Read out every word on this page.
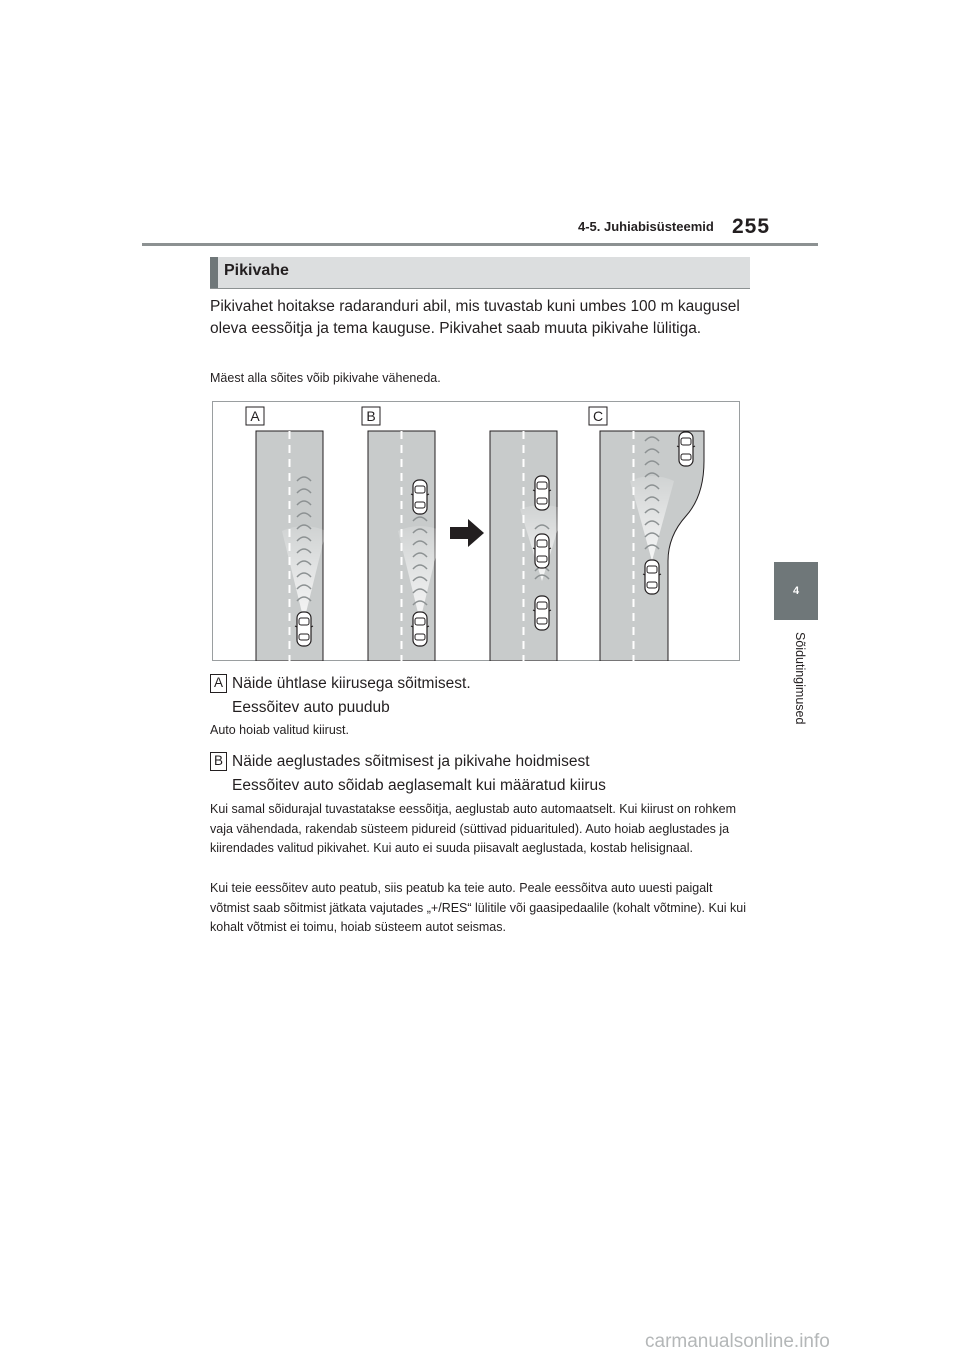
4-5. Juhiabisüsteemid 255
4
Sõidutingimused
Pikivahe
Pikivahet hoitakse radaranduri abil, mis tuvastab kuni umbes 100 m kaugusel oleva eessõitja ja tema kauguse. Pikivahet saab muuta pikivahe lülitiga.
Mäest alla sõites võib pikivahe väheneda.
A	B	C
A Näide ühtlase kiirusega sõitmisest.
Eessõitev auto puudub
Auto hoiab valitud kiirust.
B Näide aeglustades sõitmisest ja pikivahe hoidmisest
Eessõitev auto sõidab aeglasemalt kui määratud kiirus
Kui samal sõidurajal tuvastatakse eessõitja, aeglustab auto automaatselt. Kui kiirust on rohkem vaja vähendada, rakendab süsteem pidureid (süttivad piduarituled). Auto hoiab aeglustades ja kiirendades valitud pikivahet. Kui auto ei suuda piisavalt aeglustada, kostab helisignaal.
Kui teie eessõitev auto peatub, siis peatub ka teie auto. Peale eessõitva auto uuesti paigalt võtmist saab sõitmist jätkata vajutades „+/RES“ lülitile või gaasipedaalile (kohalt võtmine). Kui kui kohalt võtmist ei toimu, hoiab süsteem autot seismas.
carmanualsonline.info
